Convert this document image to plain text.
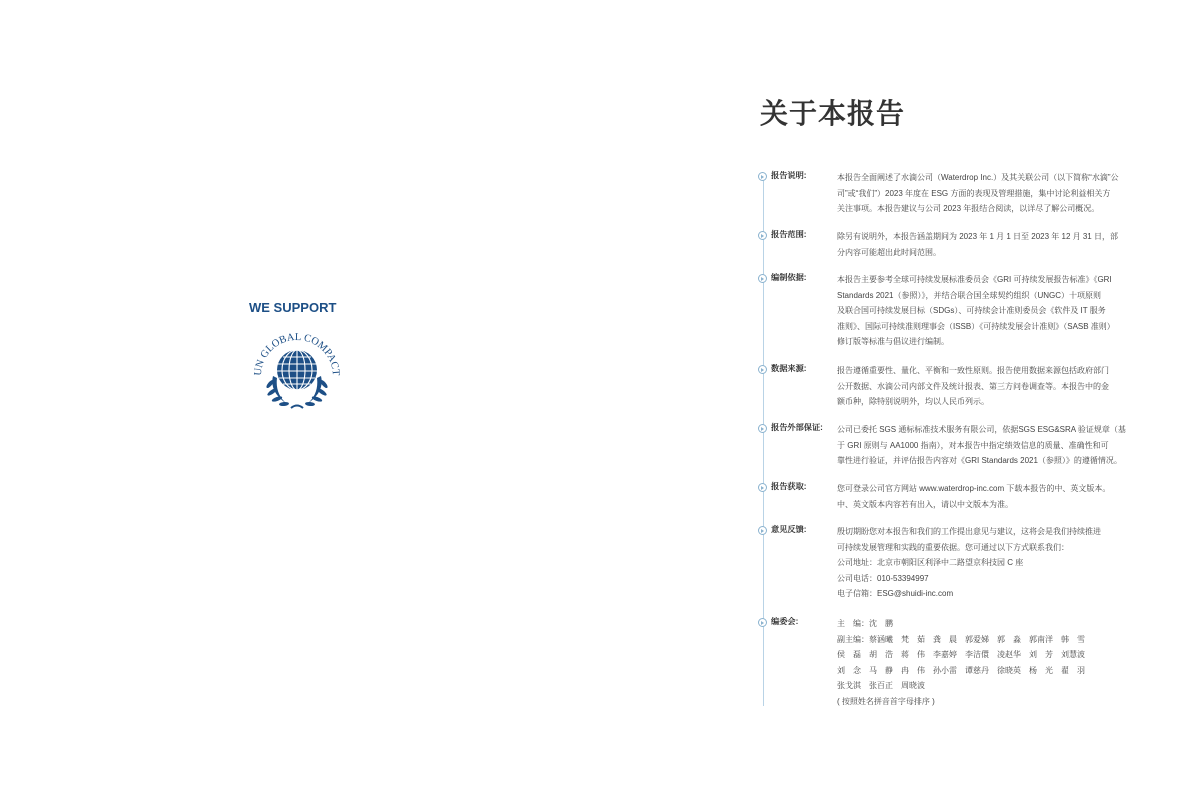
WE SUPPORT
UN GLOBAL COMPACT
关于本报告
报告说明:	本报告全面阐述了水滴公司（Waterdrop Inc.）及其关联公司（以下简称“水滴”公

司”或“我们”）2023 年度在 ESG 方面的表现及管理措施，集中讨论利益相关方

关注事项。本报告建议与公司 2023 年报结合阅读，以详尽了解公司概况。

报告范围:	除另有说明外，本报告涵盖期间为 2023 年 1 月 1 日至 2023 年 12 月 31 日，部

分内容可能超出此时间范围。

编制依据:	本报告主要参考全球可持续发展标准委员会《GRI 可持续发展报告标准》《GRI

Standards 2021（参照）》，并结合联合国全球契约组织（UNGC）十项原则

及联合国可持续发展目标（SDGs）、可持续会计准则委员会《软件及 IT 服务

准则》、国际可持续准则理事会（ISSB）《可持续发展会计准则》（SASB 准则）

修订版等标准与倡议进行编制。

数据来源:	报告遵循重要性、量化、平衡和一致性原则。报告使用数据来源包括政府部门

公开数据、水滴公司内部文件及统计报表、第三方问卷调查等。本报告中的金

额币种，除特别说明外，均以人民币列示。

报告外部保证: 公司已委托 SGS 通标标准技术服务有限公司，依据SGS ESG&SRA 验证规章（基

于 GRI 原则与 AA1000 指南），对本报告中指定绩效信息的质量、准确性和可

靠性进行验证，并评估报告内容对《GRI Standards 2021（参照）》的遵循情况。

报告获取:	您可登录公司官方网站 www.waterdrop-inc.com 下载本报告的中、英文版本。

中、英文版本内容若有出入，请以中文版本为准。

意见反馈:	殷切期盼您对本报告和我们的工作提出意见与建议，这将会是我们持续推进

可持续发展管理和实践的重要依据。您可通过以下方式联系我们：

公司地址：北京市朝阳区利泽中二路望京科技园 C 座

公司电话：010-53394997

电子信箱：ESG@shuidi-inc.com

编委会:	主　编：沈　鹏

副主编：蔡涵曦　梵　茹　龚　晨　郭爱娣　郭　淼　郭南洋　韩　雪

侯　磊　胡　浩　蒋　伟　李嘉婷　李洁儇　凌赵华　刘　芳　刘慧波

刘　念　马　静　冉　伟　孙小雷　谭慈丹　徐晓英　杨　光　翟　羽

张戈淇　张百正　周晓波

( 按照姓名拼音首字母排序 )
